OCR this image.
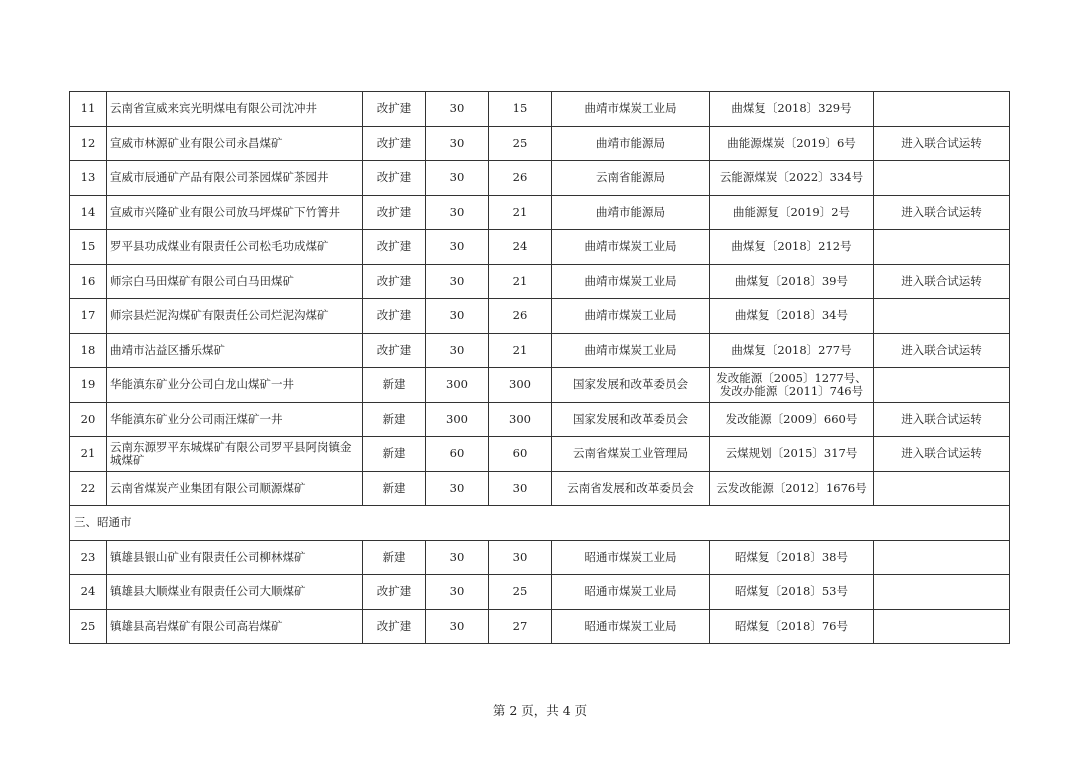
11	云南省宣威来宾光明煤电有限公司沈冲井	改扩建	30	15	曲靖市煤炭工业局	曲煤复〔2018〕329号	
12	宣威市林源矿业有限公司永昌煤矿	改扩建	30	25	曲靖市能源局	曲能源煤炭〔2019〕6号	进入联合试运转
13	宣威市辰通矿产品有限公司茶园煤矿茶园井	改扩建	30	26	云南省能源局	云能源煤炭〔2022〕334号	
14	宣威市兴隆矿业有限公司放马坪煤矿下竹箐井	改扩建	30	21	曲靖市能源局	曲能源复〔2019〕2号	进入联合试运转
15	罗平县功成煤业有限责任公司松毛功成煤矿	改扩建	30	24	曲靖市煤炭工业局	曲煤复〔2018〕212号	
16	师宗白马田煤矿有限公司白马田煤矿	改扩建	30	21	曲靖市煤炭工业局	曲煤复〔2018〕39号	进入联合试运转
17	师宗县烂泥沟煤矿有限责任公司烂泥沟煤矿	改扩建	30	26	曲靖市煤炭工业局	曲煤复〔2018〕34号	
18	曲靖市沾益区播乐煤矿	改扩建	30	21	曲靖市煤炭工业局	曲煤复〔2018〕277号	进入联合试运转
19	华能滇东矿业分公司白龙山煤矿一井	新建	300	300	国家发展和改革委员会	发改能源〔2005〕1277号、发改办能源〔2011〕746号	
20	华能滇东矿业分公司雨汪煤矿一井	新建	300	300	国家发展和改革委员会	发改能源〔2009〕660号	进入联合试运转
21	云南东源罗平东城煤矿有限公司罗平县阿岗镇金城煤矿	新建	60	60	云南省煤炭工业管理局	云煤规划〔2015〕317号	进入联合试运转
22	云南省煤炭产业集团有限公司顺源煤矿	新建	30	30	云南省发展和改革委员会	云发改能源〔2012〕1676号	
三、昭通市							
23	镇雄县银山矿业有限责任公司柳林煤矿	新建	30	30	昭通市煤炭工业局	昭煤复〔2018〕38号	
24	镇雄县大顺煤业有限责任公司大顺煤矿	改扩建	30	25	昭通市煤炭工业局	昭煤复〔2018〕53号	
25	镇雄县高岩煤矿有限公司高岩煤矿	改扩建	30	27	昭通市煤炭工业局	昭煤复〔2018〕76号	
第 2 页，共 4 页
